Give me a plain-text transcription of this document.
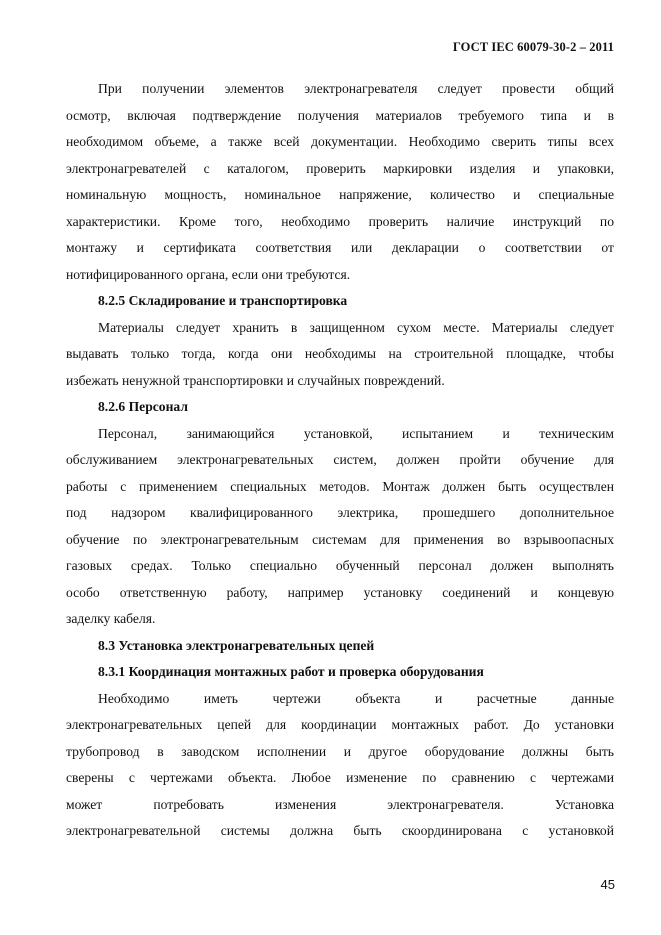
ГОСТ IEC 60079-30-2 – 2011
При получении элементов электронагревателя следует провести общий
осмотр, включая подтверждение получения материалов требуемого типа и в
необходимом объеме, а также всей документации. Необходимо сверить типы всех
электронагревателей с каталогом, проверить маркировки изделия и упаковки,
номинальную мощность, номинальное напряжение, количество и специальные
характеристики. Кроме того, необходимо проверить наличие инструкций по
монтажу и сертификата соответствия или декларации о соответствии от
нотифицированного органа, если они требуются.
8.2.5 Складирование и транспортировка
Материалы следует хранить в защищенном сухом месте. Материалы следует
выдавать только тогда, когда они необходимы на строительной площадке, чтобы
избежать ненужной транспортировки и случайных повреждений.
8.2.6 Персонал
Персонал, занимающийся установкой, испытанием и техническим
обслуживанием электронагревательных систем, должен пройти обучение для
работы с применением специальных методов. Монтаж должен быть осуществлен
под надзором квалифицированного электрика, прошедшего дополнительное
обучение по электронагревательным системам для применения во взрывоопасных
газовых средах. Только специально обученный персонал должен выполнять
особо ответственную работу, например установку соединений и концевую
заделку кабеля.
8.3 Установка электронагревательных цепей
8.3.1 Координация монтажных работ и проверка оборудования
Необходимо иметь чертежи объекта и расчетные данные
электронагревательных цепей для координации монтажных работ. До установки
трубопровод в заводском исполнении и другое оборудование должны быть
сверены с чертежами объекта. Любое изменение по сравнению с чертежами
может потребовать изменения электронагревателя. Установка
электронагревательной системы должна быть скоординирована с установкой
45
